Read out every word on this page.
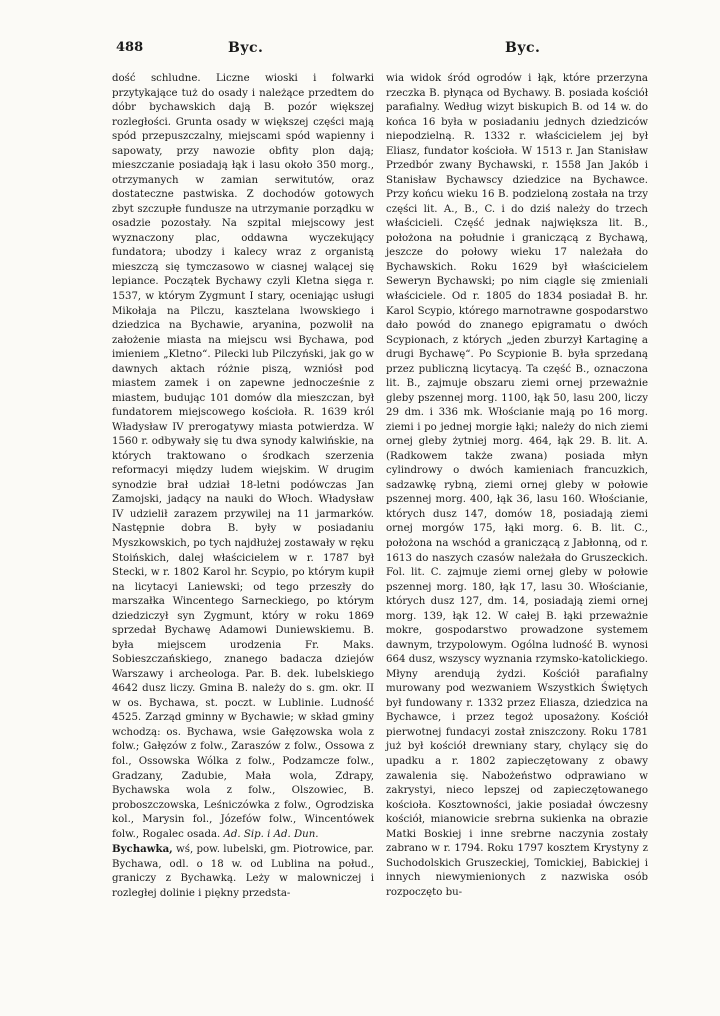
488	Byc.	Byc.

dość schludne. Liczne wioski i folwarki przytykające tuż do osady i należące przedtem do dóbr bychawskich dają B. pozór większej rozległości. Grunta osady w większej części mają spód przepuszczalny, miejscami spód wapienny i sapowaty, przy nawozie obfity plon dają; mieszczanie posiadają łąk i lasu około 350 morg., otrzymanych w zamian serwitutów, oraz dostateczne pastwiska. Z dochodów gotowych zbyt szczupłe fundusze na utrzymanie porządku w osadzie pozostały. Na szpital miejscowy jest wyznaczony plac, oddawna wyczekujący fundatora; ubodzy i kalecy wraz z organistą mieszczą się tymczasowo w ciasnej walącej się lepiance. Początek Bychawy czyli Kletna sięga r. 1537, w którym Zygmunt I stary, oceniając usługi Mikołaja na Pilczu, kasztelana lwowskiego i dziedzica na Bychawie, aryanina, pozwolił na założenie miasta na miejscu wsi Bychawa, pod imieniem „Kletno“. Pilecki lub Pilczyński, jak go w dawnych aktach różnie piszą, wzniósł pod miastem zamek i on zapewne jednocześnie z miastem, budując 101 domów dla mieszczan, był fundatorem miejscowego kościoła. R. 1639 król Władysław IV prerogatywy miasta potwierdza. W 1560 r. odbywały się tu dwa synody kalwińskie, na których traktowano o środkach szerzenia reformacyi między ludem wiejskim. W drugim synodzie brał udział 18-letni podówczas Jan Zamojski, jadący na nauki do Włoch. Władysław IV udzielił zarazem przywilej na 11 jarmarków. Następnie dobra B. były w posiadaniu Myszkowskich, po tych najdłużej zostawały w ręku Stoińskich, dalej właścicielem w r. 1787 był Stecki, w r. 1802 Karol hr. Scypio, po którym kupił na licytacyi Laniewski; od tego przeszły do marszałka Wincentego Sarneckiego, po którym dziedziczył syn Zygmunt, który w roku 1869 sprzedał Bychawę Adamowi Duniewskiemu. B. była miejscem urodzenia Fr. Maks. Sobieszczańskiego, znanego badacza dziejów Warszawy i archeologa. Par. B. dek. lubelskiego 4642 dusz liczy. Gmina B. należy do s. gm. okr. II w os. Bychawa, st. poczt. w Lublinie. Ludność 4525. Zarząd gminny w Bychawie; w skład gminy wchodzą: os. Bychawa, wsie Gałęzowska wola z folw.; Gałęzów z folw., Zaraszów z folw., Ossowa z fol., Ossowska Wólka z folw., Podzamcze folw., Gradzany, Zadubie, Mała wola, Zdrapy, Bychawska wola z folw., Olszowiec, B. proboszczowska, Leśniczówka z folw., Ogrodziska kol., Marysin fol., Józefów folw., Wincentówek folw., Rogalec osada. Ad. Sip. i Ad. Dun.

Bychawka, wś, pow. lubelski, gm. Piotrowice, par. Bychawa, odl. o 18 w. od Lublina na połud., graniczy z Bychawką. Leży w malowniczej i rozległej dolinie i piękny przedsta-

wia widok śród ogrodów i łąk, które przerzyna rzeczka B. płynąca od Bychawy. B. posiada kościół parafialny. Według wizyt biskupich B. od 14 w. do końca 16 była w posiadaniu jednych dziedziców niepodzielną. R. 1332 r. właścicielem jej był Eliasz, fundator kościoła. W 1513 r. Jan Stanisław Przedbór zwany Bychawski, r. 1558 Jan Jakób i Stanisław Bychawscy dziedzice na Bychawce. Przy końcu wieku 16 B. podzieloną została na trzy części lit. A., B., C. i do dziś należy do trzech właścicieli. Część jednak największa lit. B., położona na południe i graniczącą z Bychawą, jeszcze do połowy wieku 17 należała do Bychawskich. Roku 1629 był właścicielem Seweryn Bychawski; po nim ciągle się zmieniali właściciele. Od r. 1805 do 1834 posiadał B. hr. Karol Scypio, którego marnotrawne gospodarstwo dało powód do znanego epigramatu o dwóch Scypionach, z których „jeden zburzył Kartaginę a drugi Bychawę“. Po Scypionie B. była sprzedaną przez publiczną licytacyą. Ta część B., oznaczona lit. B., zajmuje obszaru ziemi ornej przeważnie gleby pszennej morg. 1100, łąk 50, lasu 200, liczy 29 dm. i 336 mk. Włościanie mają po 16 morg. ziemi i po jednej morgie łąki; należy do nich ziemi ornej gleby żytniej morg. 464, łąk 29. B. lit. A. (Radkowem także zwana) posiada młyn cylindrowy o dwóch kamieniach francuzkich, sadzawkę rybną, ziemi ornej gleby w połowie pszennej morg. 400, łąk 36, lasu 160. Włościanie, których dusz 147, domów 18, posiadają ziemi ornej morgów 175, łąki morg. 6. B. lit. C., położona na wschód a graniczącą z Jabłonną, od r. 1613 do naszych czasów należała do Gruszeckich. Fol. lit. C. zajmuje ziemi ornej gleby w połowie pszennej morg. 180, łąk 17, lasu 30. Włościanie, których dusz 127, dm. 14, posiadają ziemi ornej morg. 139, łąk 12. W całej B. łąki przeważnie mokre, gospodarstwo prowadzone systemem dawnym, trzypolowym. Ogólna ludność B. wynosi 664 dusz, wszyscy wyznania rzymsko-katolickiego. Młyny arendują żydzi. Kościół parafialny murowany pod wezwaniem Wszystkich Świętych był fundowany r. 1332 przez Eliasza, dziedzica na Bychawce, i przez tegoż uposażony. Kościół pierwotnej fundacyi został zniszczony. Roku 1781 już był kościół drewniany stary, chylący się do upadku a r. 1802 zapieczętowany z obawy zawalenia się. Nabożeństwo odprawiano w zakrystyi, nieco lepszej od zapieczętowanego kościoła. Kosztowności, jakie posiadał ówczesny kościół, mianowicie srebrna sukienka na obrazie Matki Boskiej i inne srebrne naczynia zostały zabrano w r. 1794. Roku 1797 kosztem Krystyny z Suchodolskich Gruszeckiej, Tomickiej, Babickiej i innych niewymienionych z nazwiska osób rozpoczęto bu-
